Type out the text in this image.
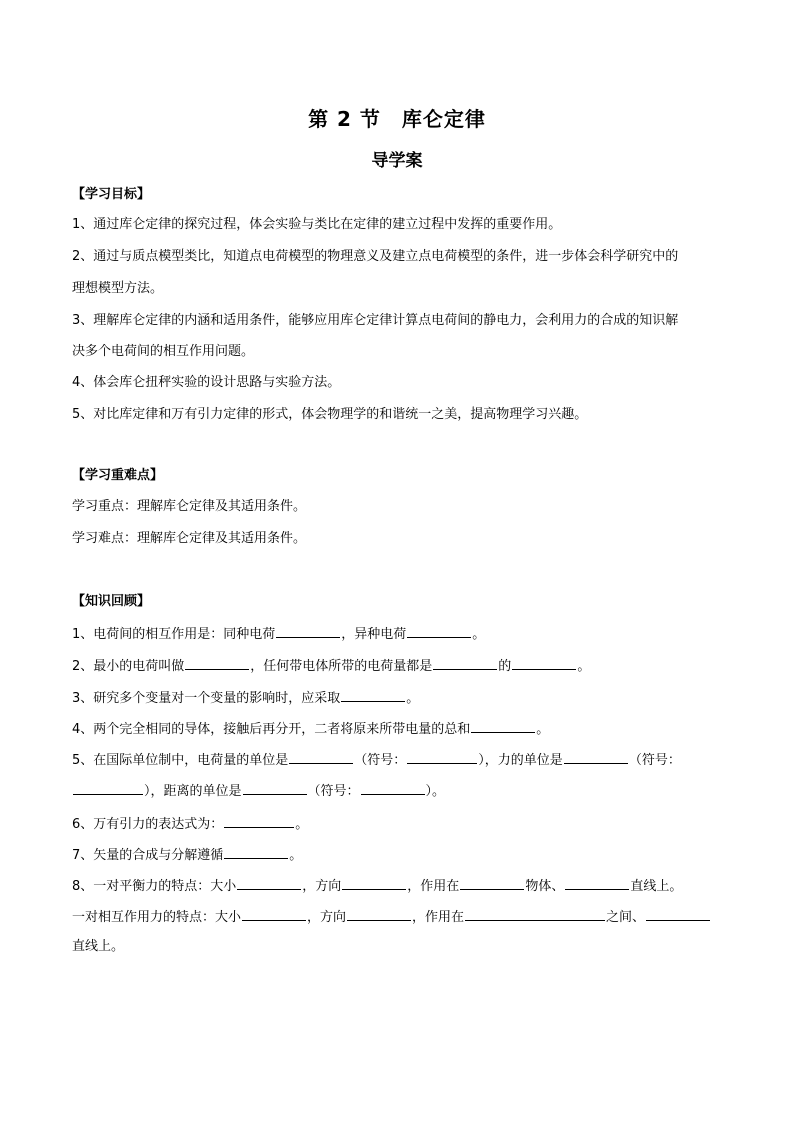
第 2 节　库仑定律
导学案
【学习目标】
1、通过库仑定律的探究过程，体会实验与类比在定律的建立过程中发挥的重要作用。
2、通过与质点模型类比，知道点电荷模型的物理意义及建立点电荷模型的条件，进一步体会科学研究中的
理想模型方法。
3、理解库仑定律的内涵和适用条件，能够应用库仑定律计算点电荷间的静电力，会利用力的合成的知识解
决多个电荷间的相互作用问题。
4、体会库仑扭秤实验的设计思路与实验方法。
5、对比库定律和万有引力定律的形式，体会物理学的和谐统一之美，提高物理学习兴趣。
【学习重难点】
学习重点：理解库仑定律及其适用条件。
学习难点：理解库仑定律及其适用条件。
【知识回顾】
1、电荷间的相互作用是：同种电荷	，异种电荷	。
2、最小的电荷叫做	，任何带电体所带的电荷量都是	的	。
3、研究多个变量对一个变量的影响时，应采取	。
4、两个完全相同的导体，接触后再分开，二者将原来所带电量的总和	。
5、在国际单位制中，电荷量的单位是	（符号：	），力的单位是	（符号：
），距离的单位是	（符号：	）。
6、万有引力的表达式为：	。
7、矢量的合成与分解遵循	。
8、一对平衡力的特点：大小	，方向	，作用在	物体、	直线上。
一对相互作用力的特点：大小	，方向	，作用在	之间、
直线上。
